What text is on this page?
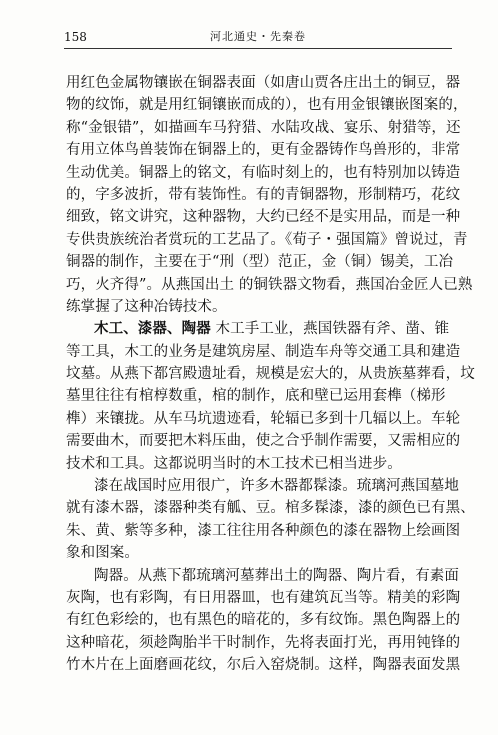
158	河北通史・先秦卷
用红色金属物镶嵌在铜器表面（如唐山贾各庄出土的铜豆，器
物的纹饰，就是用红铜镶嵌而成的），也有用金银镶嵌图案的，
称“金银错”，如描画车马狩猎、水陆攻战、宴乐、射猎等，还
有用立体鸟兽装饰在铜器上的，更有金器铸作鸟兽形的，非常
生动优美。铜器上的铭文，有临时刻上的，也有特别加以铸造
的，字多波折，带有装饰性。有的青铜器物，形制精巧，花纹
细致，铭文讲究，这种器物，大约已经不是实用品，而是一种
专供贵族统治者赏玩的工艺品了。《荀子・强国篇》曾说过，青
铜器的制作，主要在于“刑（型）范正，金（铜）锡美，工冶
巧，火齐得”。从燕国出土 的铜铁器文物看，燕国冶金匠人已熟
练掌握了这种冶铸技术。
木工、漆器、陶器 木工手工业，燕国铁器有斧、凿、锥
等工具，木工的业务是建筑房屋、制造车舟等交通工具和建造
坟墓。从燕下都宫殿遗址看，规模是宏大的，从贵族墓葬看，坟
墓里往往有棺椁数重，棺的制作，底和壁已运用套榫（梯形
榫）来镶拢。从车马坑遗迹看，轮辐已多到十几辐以上。车轮
需要曲木，而要把木料压曲，使之合乎制作需要，又需相应的
技术和工具。这都说明当时的木工技术已相当进步。
漆在战国时应用很广，许多木器都髹漆。琉璃河燕国墓地
就有漆木器，漆器种类有觚、豆。棺多髹漆，漆的颜色已有黑、
朱、黄、紫等多种，漆工往往用各种颜色的漆在器物上绘画图
象和图案。
陶器。从燕下都琉璃河墓葬出土的陶器、陶片看，有素面
灰陶，也有彩陶，有日用器皿，也有建筑瓦当等。精美的彩陶
有红色彩绘的，也有黑色的暗花的，多有纹饰。黑色陶器上的
这种暗花，须趁陶胎半干时制作，先将表面打光，再用钝锋的
竹木片在上面磨画花纹，尔后入窑烧制。这样，陶器表面发黑
